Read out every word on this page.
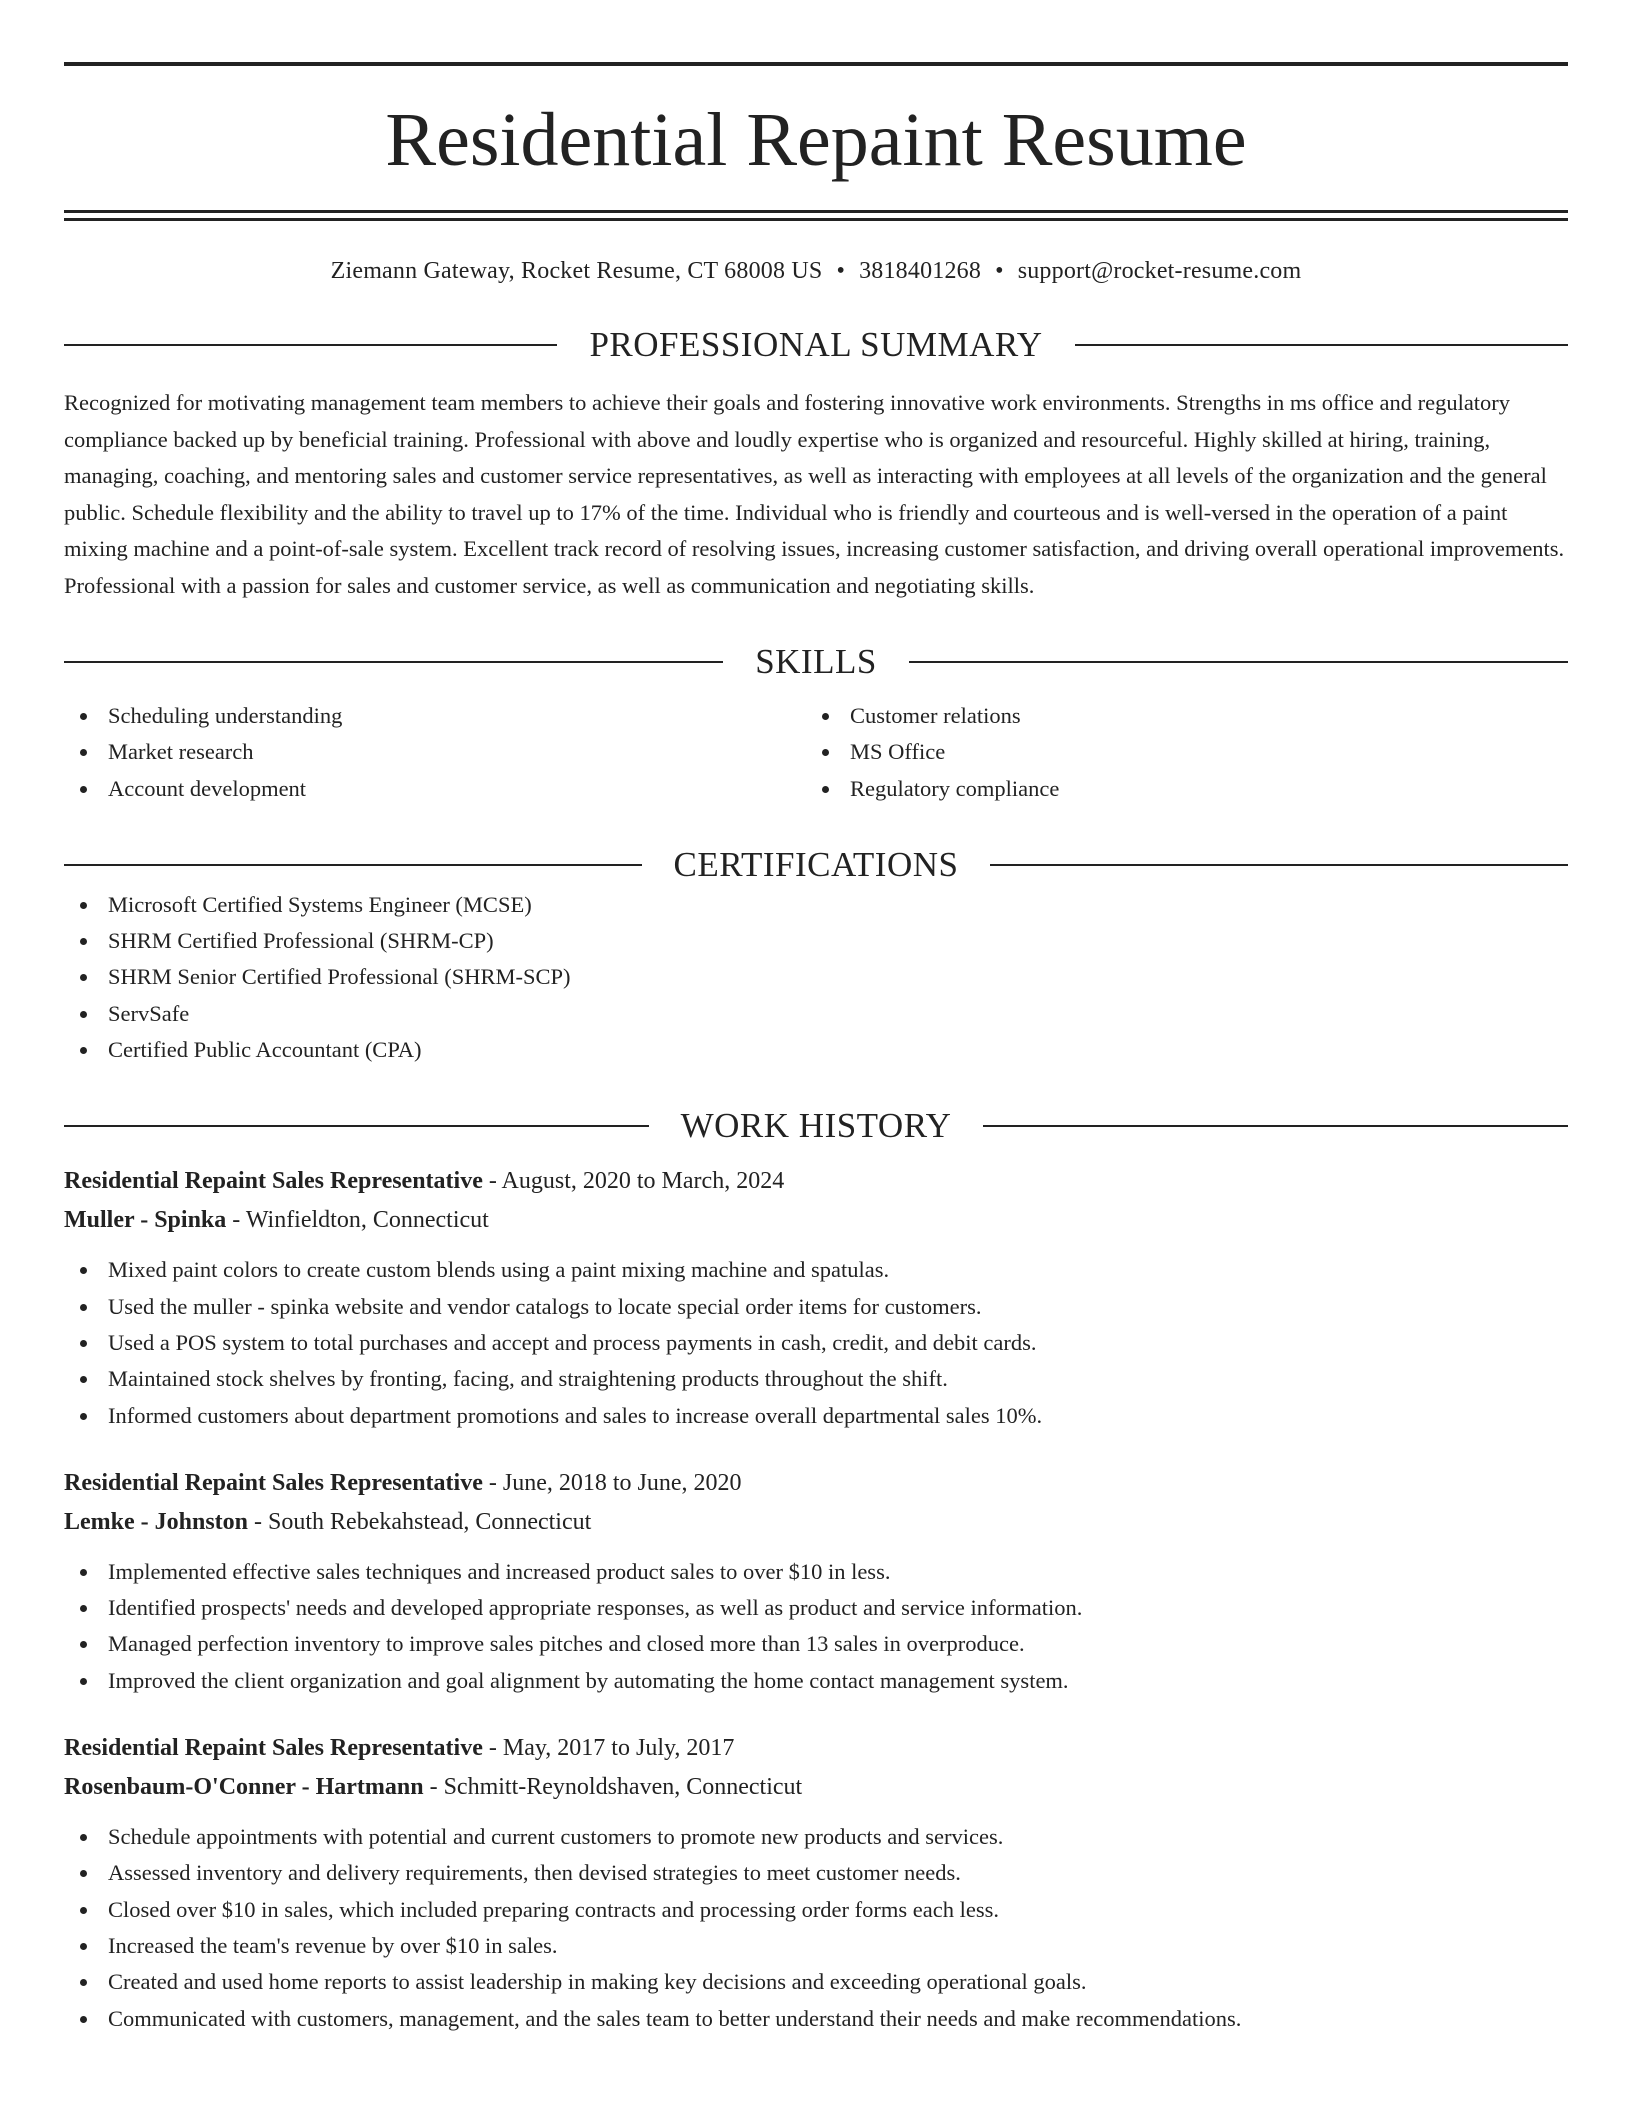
Residential Repaint Resume
Ziemann Gateway, Rocket Resume, CT 68008 US • 3818401268 • support@rocket-resume.com
PROFESSIONAL SUMMARY
Recognized for motivating management team members to achieve their goals and fostering innovative work environments. Strengths in ms office and regulatory compliance backed up by beneficial training. Professional with above and loudly expertise who is organized and resourceful. Highly skilled at hiring, training, managing, coaching, and mentoring sales and customer service representatives, as well as interacting with employees at all levels of the organization and the general public. Schedule flexibility and the ability to travel up to 17% of the time. Individual who is friendly and courteous and is well-versed in the operation of a paint mixing machine and a point-of-sale system. Excellent track record of resolving issues, increasing customer satisfaction, and driving overall operational improvements. Professional with a passion for sales and customer service, as well as communication and negotiating skills.
SKILLS
Scheduling understanding
Market research
Account development
Customer relations
MS Office
Regulatory compliance
CERTIFICATIONS
Microsoft Certified Systems Engineer (MCSE)
SHRM Certified Professional (SHRM-CP)
SHRM Senior Certified Professional (SHRM-SCP)
ServSafe
Certified Public Accountant (CPA)
WORK HISTORY
Residential Repaint Sales Representative - August, 2020 to March, 2024
Muller - Spinka - Winfieldton, Connecticut
Mixed paint colors to create custom blends using a paint mixing machine and spatulas.
Used the muller - spinka website and vendor catalogs to locate special order items for customers.
Used a POS system to total purchases and accept and process payments in cash, credit, and debit cards.
Maintained stock shelves by fronting, facing, and straightening products throughout the shift.
Informed customers about department promotions and sales to increase overall departmental sales 10%.
Residential Repaint Sales Representative - June, 2018 to June, 2020
Lemke - Johnston - South Rebekahstead, Connecticut
Implemented effective sales techniques and increased product sales to over $10 in less.
Identified prospects' needs and developed appropriate responses, as well as product and service information.
Managed perfection inventory to improve sales pitches and closed more than 13 sales in overproduce.
Improved the client organization and goal alignment by automating the home contact management system.
Residential Repaint Sales Representative - May, 2017 to July, 2017
Rosenbaum-O'Conner - Hartmann - Schmitt-Reynoldshaven, Connecticut
Schedule appointments with potential and current customers to promote new products and services.
Assessed inventory and delivery requirements, then devised strategies to meet customer needs.
Closed over $10 in sales, which included preparing contracts and processing order forms each less.
Increased the team's revenue by over $10 in sales.
Created and used home reports to assist leadership in making key decisions and exceeding operational goals.
Communicated with customers, management, and the sales team to better understand their needs and make recommendations.
